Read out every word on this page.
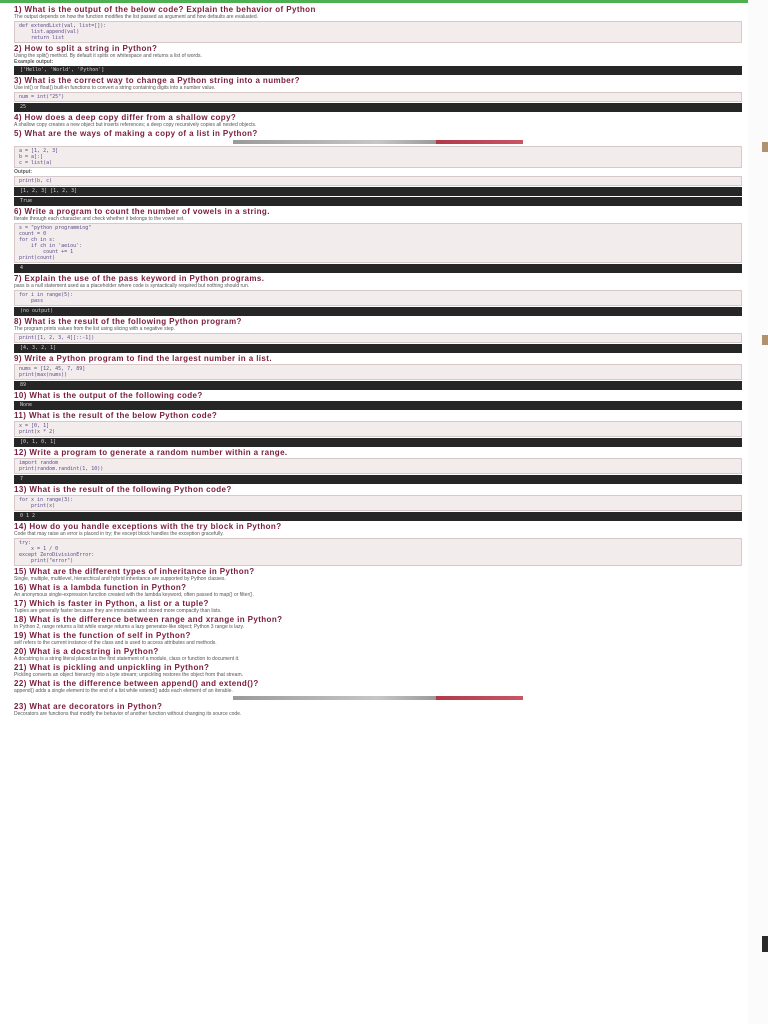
1) What is the output of the below code? Explain the behavior of Python
The output depends on how the function modifies the list passed as argument and how defaults are evaluated.
def extendList(val, list=[]):
list.append(val)
return list
2) How to split a string in Python?
Using the split() method. By default it splits on whitespace and returns a list of words.
Example output:
['Hello', 'World', 'Python']
3) What is the correct way to change a Python string into a number?
Use int() or float() built-in functions to convert a string containing digits into a number value.
num = int("25")
25
4) How does a deep copy differ from a shallow copy?
A shallow copy creates a new object but inserts references; a deep copy recursively copies all nested objects.
5) What are the ways of making a copy of a list in Python?
a = [1, 2, 3]
b = a[:]
c = list(a)
Output:
print(b, c)
[1, 2, 3] [1, 2, 3]
True
6) Write a program to count the number of vowels in a string.
Iterate through each character and check whether it belongs to the vowel set.
s = "python programming"
count = 0
for ch in s:
if ch in 'aeiou':
count += 1
print(count)
4
7) Explain the use of the pass keyword in Python programs.
pass is a null statement used as a placeholder where code is syntactically required but nothing should run.
for i in range(5):
pass
(no output)
8) What is the result of the following Python program?
The program prints values from the list using slicing with a negative step.
print([1, 2, 3, 4][::-1])
[4, 3, 2, 1]
9) Write a Python program to find the largest number in a list.
nums = [12, 45, 7, 89]
print(max(nums))
89
10) What is the output of the following code?
None
11) What is the result of the below Python code?
x = [0, 1]
print(x * 2)
[0, 1, 0, 1]
12) Write a program to generate a random number within a range.
import random
print(random.randint(1, 10))
7
13) What is the result of the following Python code?
for x in range(3):
print(x)
0 1 2
14) How do you handle exceptions with the try block in Python?
Code that may raise an error is placed in try; the except block handles the exception gracefully.
try:
x = 1 / 0
except ZeroDivisionError:
print("error")
15) What are the different types of inheritance in Python?
Single, multiple, multilevel, hierarchical and hybrid inheritance are supported by Python classes.
16) What is a lambda function in Python?
An anonymous single-expression function created with the lambda keyword, often passed to map() or filter().
17) Which is faster in Python, a list or a tuple?
Tuples are generally faster because they are immutable and stored more compactly than lists.
18) What is the difference between range and xrange in Python?
In Python 2, range returns a list while xrange returns a lazy generator-like object; Python 3 range is lazy.
19) What is the function of self in Python?
self refers to the current instance of the class and is used to access attributes and methods.
20) What is a docstring in Python?
A docstring is a string literal placed as the first statement of a module, class or function to document it.
21) What is pickling and unpickling in Python?
Pickling converts an object hierarchy into a byte stream; unpickling restores the object from that stream.
22) What is the difference between append() and extend()?
append() adds a single element to the end of a list while extend() adds each element of an iterable.
23) What are decorators in Python?
Decorators are functions that modify the behavior of another function without changing its source code.
